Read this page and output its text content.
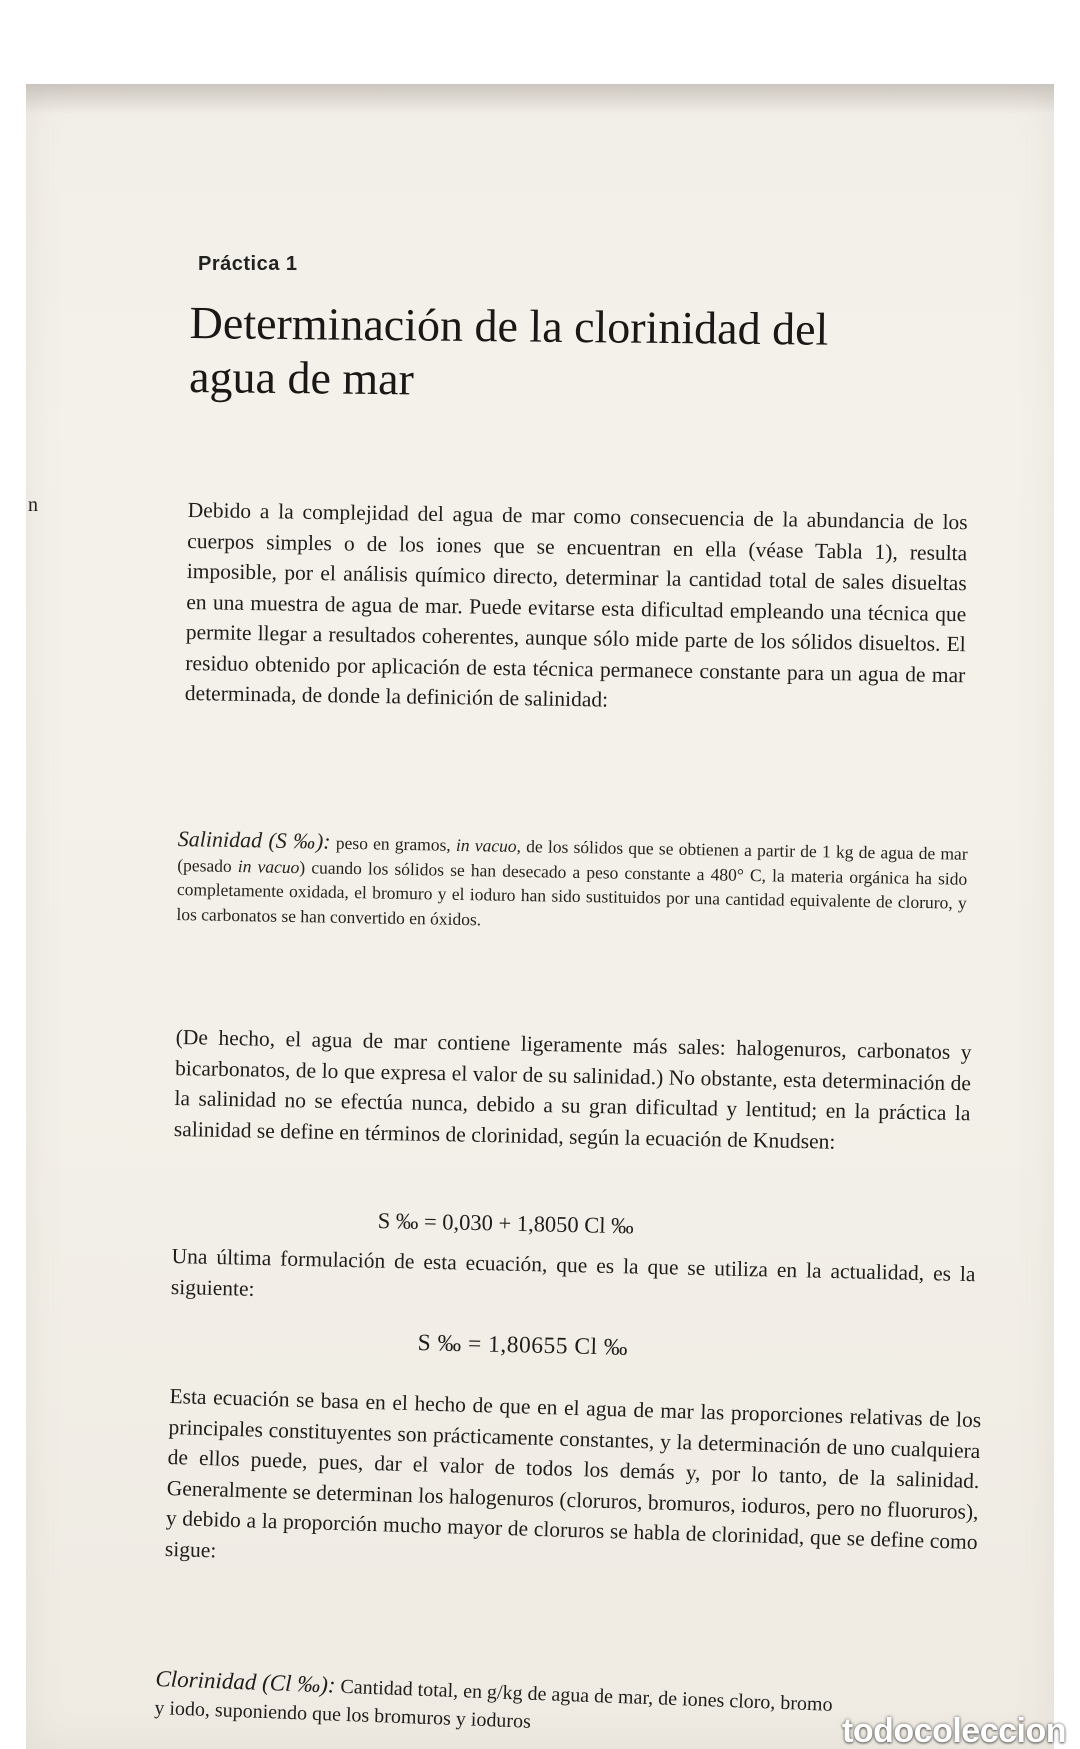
Práctica 1
Determinación de la clorinidad del agua de mar
n	Debido a la complejidad del agua de mar como consecuencia de la abundancia de los cuerpos simples o de los iones que se encuentran en ella (véase Tabla 1), resulta imposible, por el análisis químico directo, determinar la cantidad total de sales disueltas en una muestra de agua de mar. Puede evitarse esta dificultad empleando una técnica que permite llegar a resultados coherentes, aunque sólo mide parte de los sólidos disueltos. El residuo obtenido por aplicación de esta técnica permanece constante para un agua de mar determinada, de donde la definición de salinidad:

Salinidad (S ‰): peso en gramos, in vacuo, de los sólidos que se obtienen a partir de 1 kg de agua de mar (pesado in vacuo) cuando los sólidos se han desecado a peso constante a 480° C, la materia orgánica ha sido completamente oxidada, el bromuro y el ioduro han sido sustituidos por una cantidad equivalente de cloruro, y los carbonatos se han convertido en óxidos.

(De hecho, el agua de mar contiene ligeramente más sales: halogenuros, carbonatos y bicarbonatos, de lo que expresa el valor de su salinidad.) No obstante, esta determinación de la salinidad no se efectúa nunca, debido a su gran dificultad y lentitud; en la práctica la salinidad se define en términos de clorinidad, según la ecuación de Knudsen:

S ‰ = 0,030 + 1,8050 Cl ‰

Una última formulación de esta ecuación, que es la que se utiliza en la actualidad, es la siguiente:

S ‰ = 1,80655 Cl ‰

Esta ecuación se basa en el hecho de que en el agua de mar las proporciones relativas de los principales constituyentes son prácticamente constantes, y la determinación de uno cualquiera de ellos puede, pues, dar el valor de todos los demás y, por lo tanto, de la salinidad. Generalmente se determinan los halogenuros (cloruros, bromuros, ioduros, pero no fluoruros), y debido a la proporción mucho mayor de cloruros se habla de clorinidad, que se define como sigue:

Clorinidad (Cl ‰): Cantidad total, en g/kg de agua de mar, de iones cloro, bromo
y iodo, suponiendo que los bromuros y ioduros	todocoleccion
